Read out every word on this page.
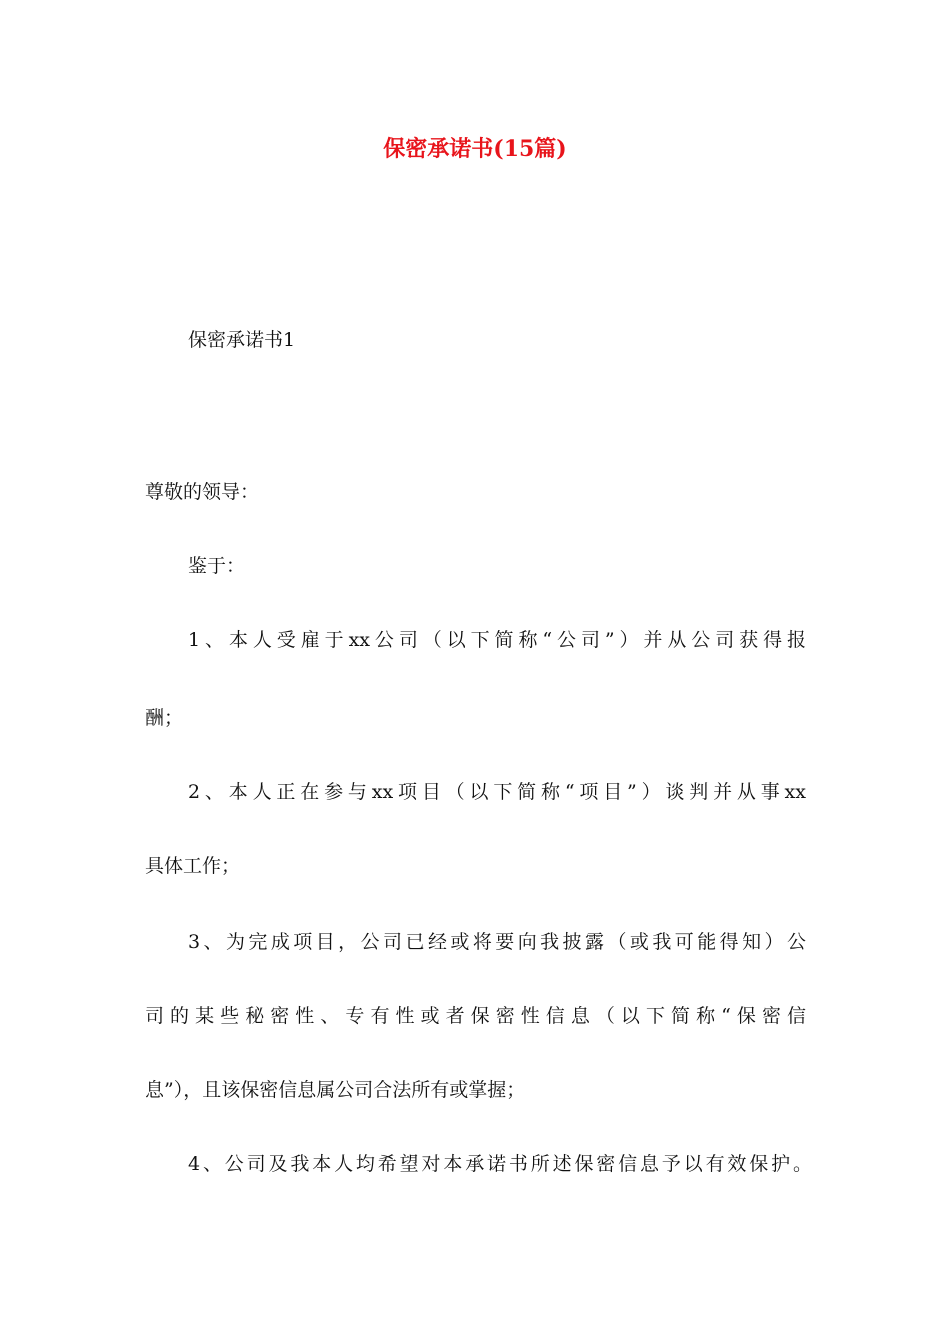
保密承诺书(15篇)

保密承诺书1

尊敬的领导：

鉴于：

1、本人受雇于xx公司（以下简称“公司”）并从公司获得报

酬；

2、本人正在参与xx项目（以下简称“项目”）谈判并从事xx

具体工作；

3、为完成项目，公司已经或将要向我披露（或我可能得知）公

司的某些秘密性、专有性或者保密性信息（以下简称“保密信

息”），且该保密信息属公司合法所有或掌握；

4、公司及我本人均希望对本承诺书所述保密信息予以有效保护。
